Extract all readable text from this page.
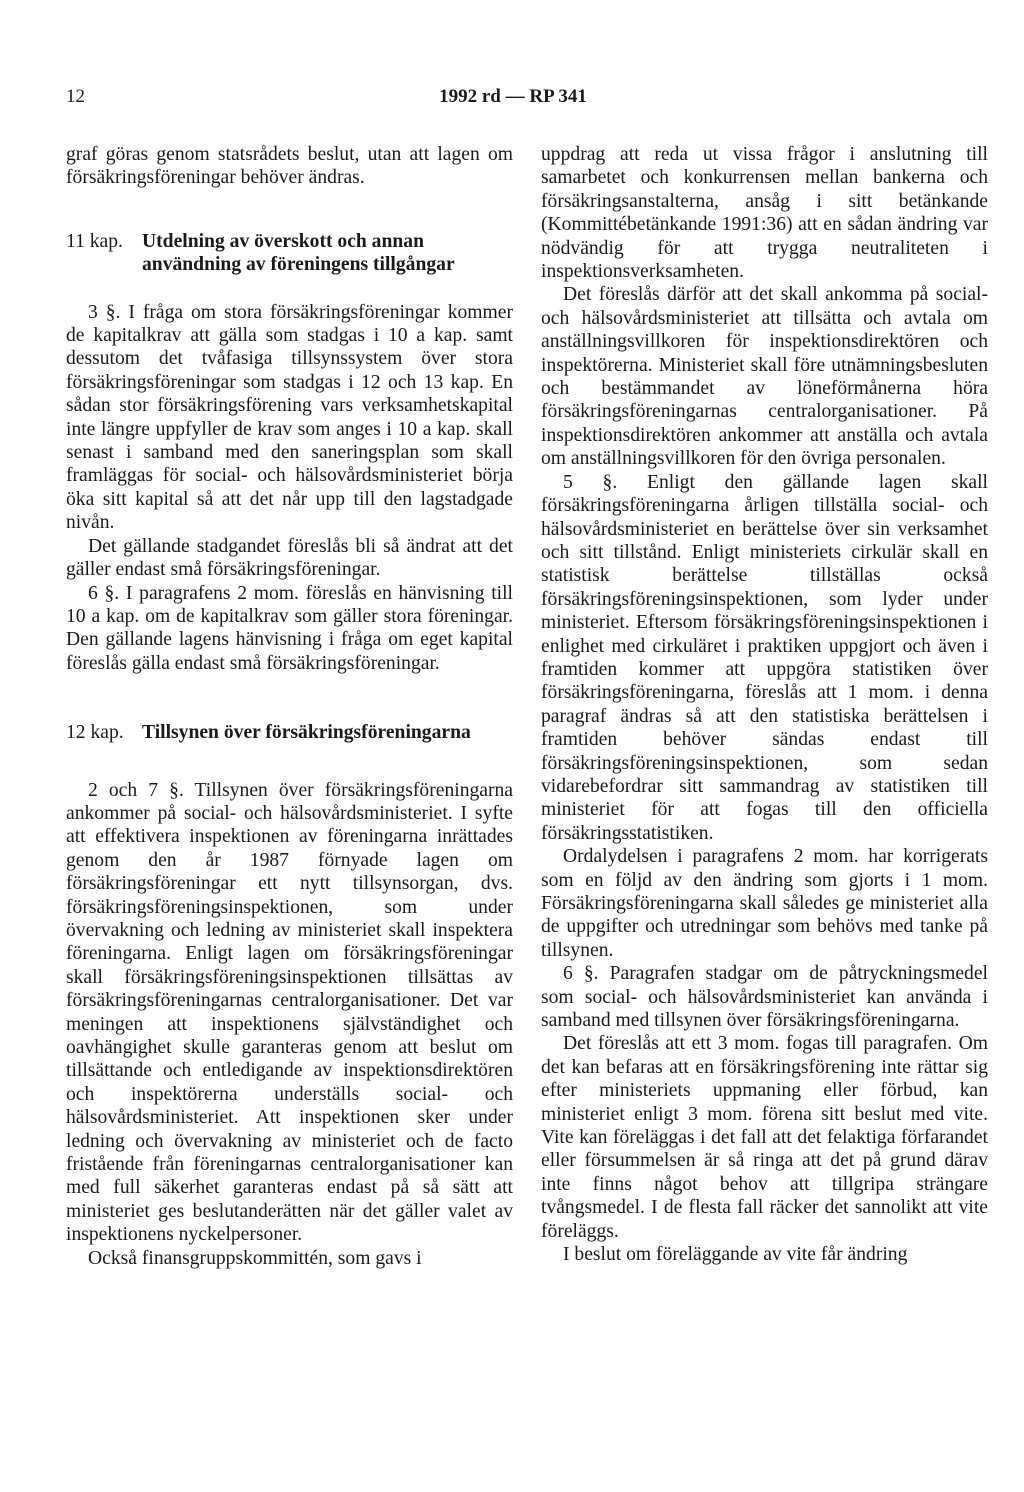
12	1992 rd — RP 341

graf göras genom statsrådets beslut, utan att lagen om försäkringsföreningar behöver ändras.

11 kap. Utdelning av överskott och annan användning av föreningens tillgångar

3 §. I fråga om stora försäkringsföreningar kommer de kapitalkrav att gälla som stadgas i 10 a kap. samt dessutom det tvåfasiga tillsynssystem över stora försäkringsföreningar som stadgas i 12 och 13 kap. En sådan stor försäkringsförening vars verksamhetskapital inte längre uppfyller de krav som anges i 10 a kap. skall senast i samband med den saneringsplan som skall framläggas för social- och hälsovårdsministeriet börja öka sitt kapital så att det når upp till den lagstadgade nivån.

Det gällande stadgandet föreslås bli så ändrat att det gäller endast små försäkringsföreningar.

6 §. I paragrafens 2 mom. föreslås en hänvisning till 10 a kap. om de kapitalkrav som gäller stora föreningar. Den gällande lagens hänvisning i fråga om eget kapital föreslås gälla endast små försäkringsföreningar.

12 kap. Tillsynen över försäkringsföreningarna

2 och 7 §. Tillsynen över försäkringsföreningarna ankommer på social- och hälsovårdsministeriet. I syfte att effektivera inspektionen av föreningarna inrättades genom den år 1987 förnyade lagen om försäkringsföreningar ett nytt tillsynsorgan, dvs. försäkringsföreningsinspektionen, som under övervakning och ledning av ministeriet skall inspektera föreningarna. Enligt lagen om försäkringsföreningar skall försäkringsföreningsinspektionen tillsättas av försäkringsföreningarnas centralorganisationer. Det var meningen att inspektionens självständighet och oavhängighet skulle garanteras genom att beslut om tillsättande och entledigande av inspektionsdirektören och inspektörerna underställs social- och hälsovårdsministeriet. Att inspektionen sker under ledning och övervakning av ministeriet och de facto fristående från föreningarnas centralorganisationer kan med full säkerhet garanteras endast på så sätt att ministeriet ges beslutanderätten när det gäller valet av inspektionens nyckelpersoner.

Också finansgruppskommittén, som gavs i

uppdrag att reda ut vissa frågor i anslutning till samarbetet och konkurrensen mellan bankerna och försäkringsanstalterna, ansåg i sitt betänkande (Kommittébetänkande 1991:36) att en sådan ändring var nödvändig för att trygga neutraliteten i inspektionsverksamheten.

Det föreslås därför att det skall ankomma på social- och hälsovårdsministeriet att tillsätta och avtala om anställningsvillkoren för inspektionsdirektören och inspektörerna. Ministeriet skall före utnämningsbesluten och bestämmandet av löneförmånerna höra försäkringsföreningarnas centralorganisationer. På inspektionsdirektören ankommer att anställa och avtala om anställningsvillkoren för den övriga personalen.

5 §. Enligt den gällande lagen skall försäkringsföreningarna årligen tillställa social- och hälsovårdsministeriet en berättelse över sin verksamhet och sitt tillstånd. Enligt ministeriets cirkulär skall en statistisk berättelse tillställas också försäkringsföreningsinspektionen, som lyder under ministeriet. Eftersom försäkringsföreningsinspektionen i enlighet med cirkuläret i praktiken uppgjort och även i framtiden kommer att uppgöra statistiken över försäkringsföreningarna, föreslås att 1 mom. i denna paragraf ändras så att den statistiska berättelsen i framtiden behöver sändas endast till försäkringsföreningsinspektionen, som sedan vidarebefordrar sitt sammandrag av statistiken till ministeriet för att fogas till den officiella försäkringsstatistiken.

Ordalydelsen i paragrafens 2 mom. har korrigerats som en följd av den ändring som gjorts i 1 mom. Försäkringsföreningarna skall således ge ministeriet alla de uppgifter och utredningar som behövs med tanke på tillsynen.

6 §. Paragrafen stadgar om de påtryckningsmedel som social- och hälsovårdsministeriet kan använda i samband med tillsynen över försäkringsföreningarna.

Det föreslås att ett 3 mom. fogas till paragrafen. Om det kan befaras att en försäkringsförening inte rättar sig efter ministeriets uppmaning eller förbud, kan ministeriet enligt 3 mom. förena sitt beslut med vite. Vite kan föreläggas i det fall att det felaktiga förfarandet eller försummelsen är så ringa att det på grund därav inte finns något behov att tillgripa strängare tvångsmedel. I de flesta fall räcker det sannolikt att vite föreläggs.

I beslut om föreläggande av vite får ändring
